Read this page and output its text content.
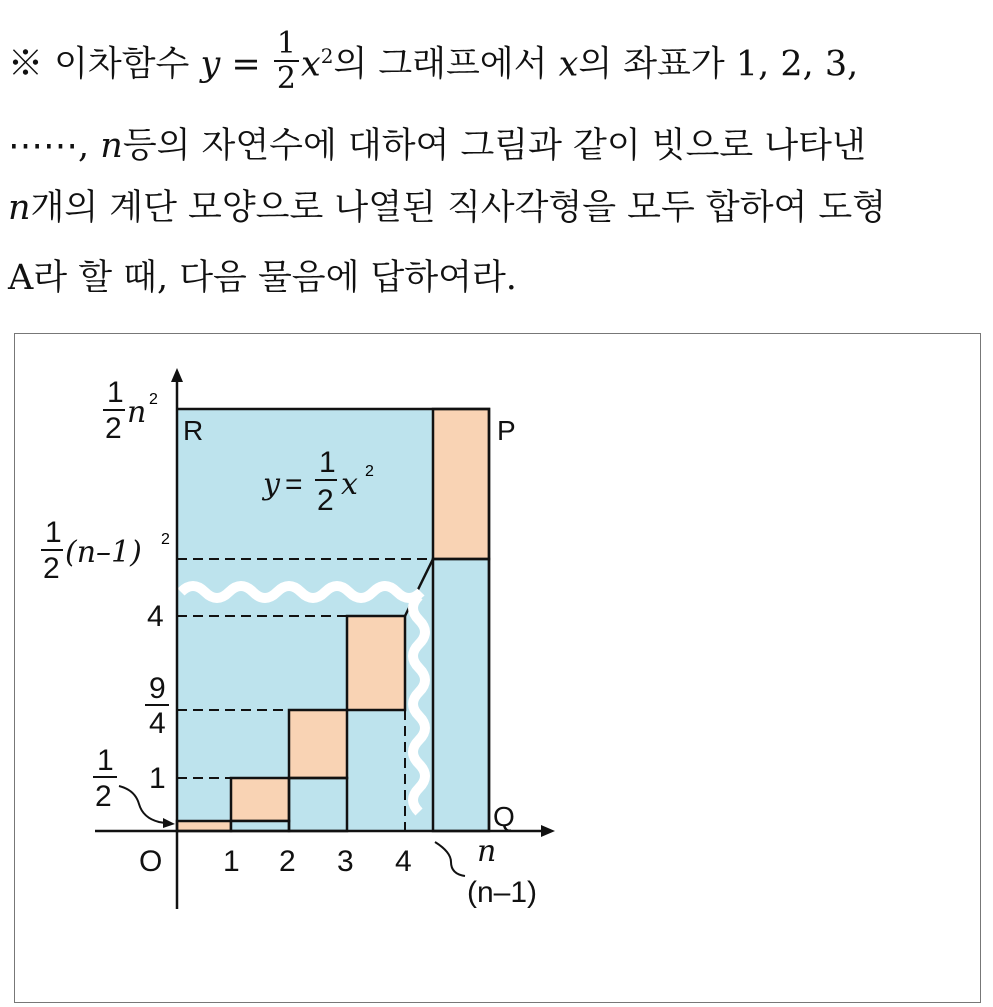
※ 이차함수 $y = \frac{1}{2} x^2$의 그래프에서 x의 좌표가 1, 2, 3,
⋯⋯, n등의 자연수에 대하여 그림과 같이 빗으로 나타낸
n개의 계단 모양으로 나열된 직사각형을 모두 합하여 도형
A라 할 때, 다음 물음에 답하여라.
R	P
Q
O 1 2 3 4 n
(n–1)
1
2 n 2
1
2 (n–1) 2
4
9
4
1
1
2
y =
1
2 x 2
